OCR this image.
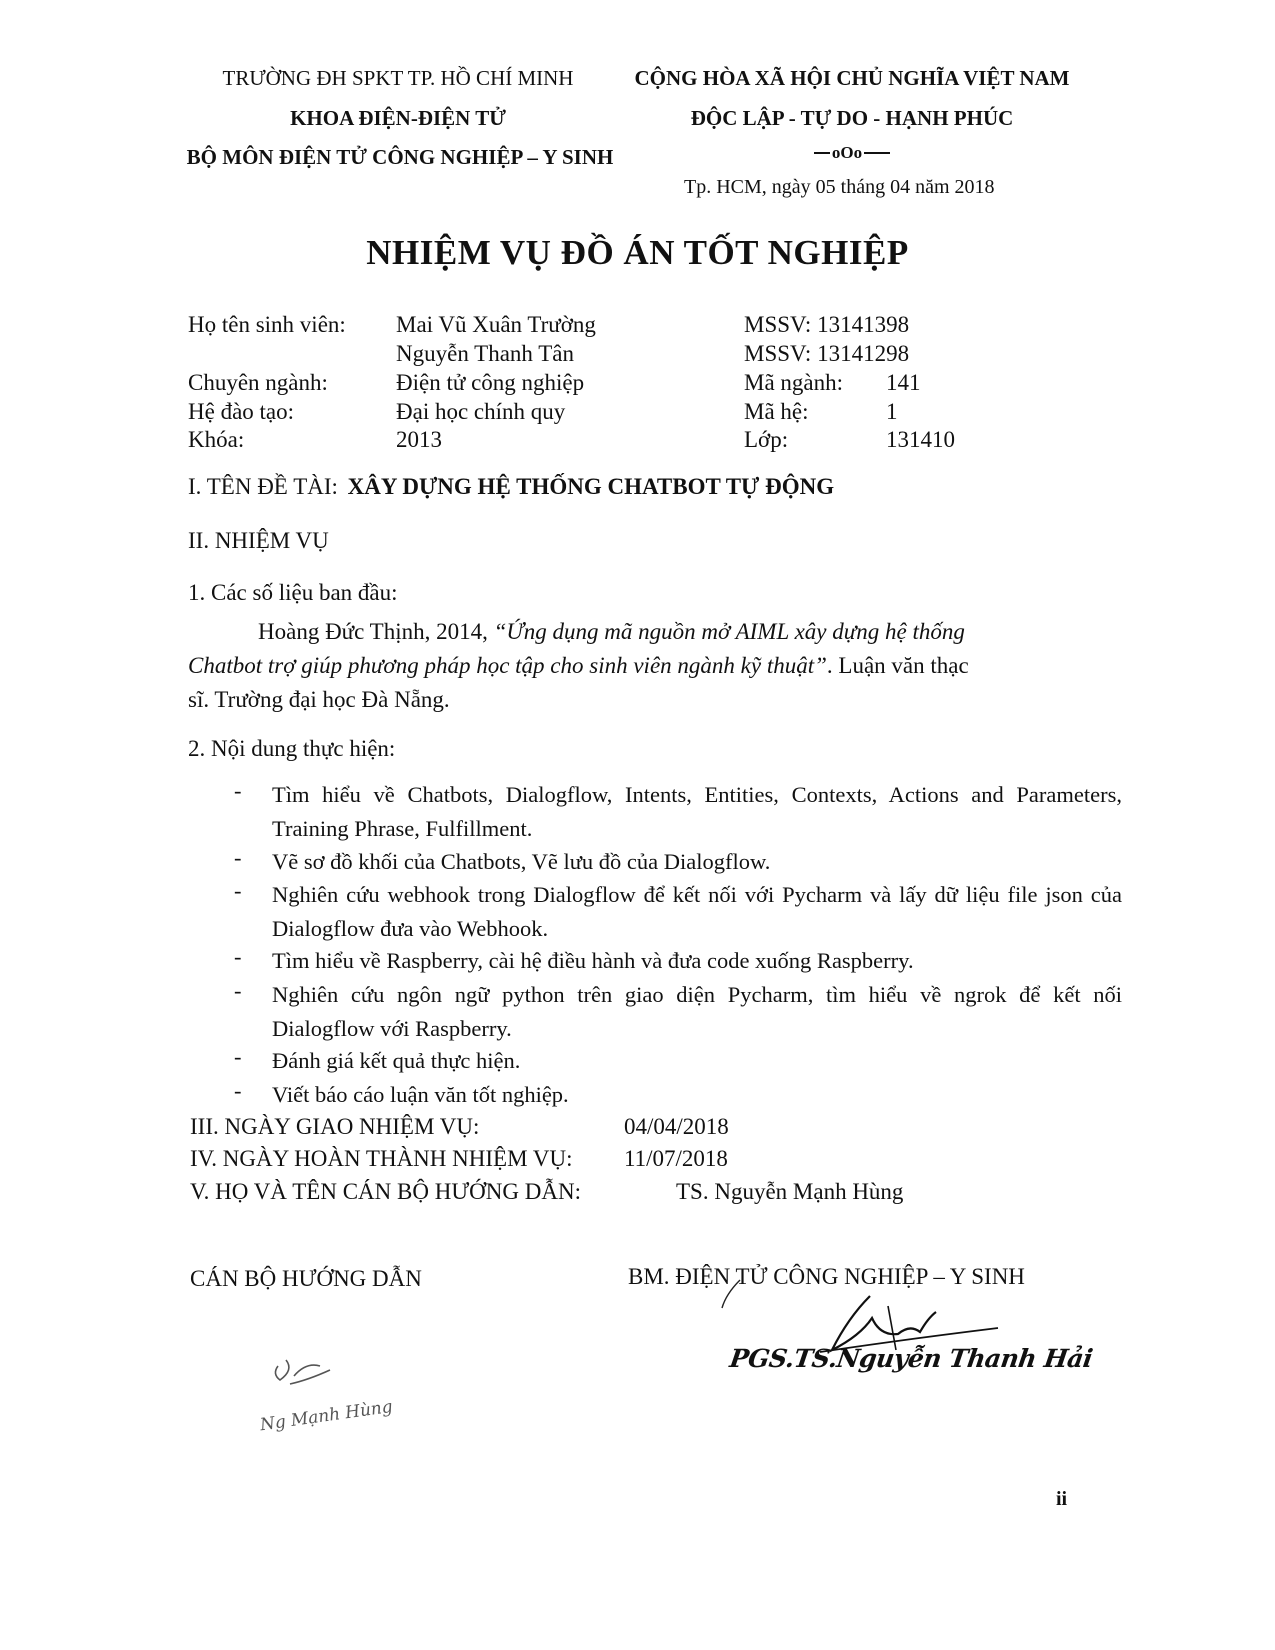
TRƯỜNG ĐH SPKT TP. HỒ CHÍ MINH
KHOA ĐIỆN-ĐIỆN TỬ
BỘ MÔN ĐIỆN TỬ CÔNG NGHIỆP – Y SINH
CỘNG HÒA XÃ HỘI CHỦ NGHĨA VIỆT NAM
ĐỘC LẬP - TỰ DO - HẠNH PHÚC
oOo
Tp. HCM, ngày 05 tháng 04 năm 2018
NHIỆM VỤ ĐỒ ÁN TỐT NGHIỆP
Họ tên sinh viên: Mai Vũ Xuân Trường	MSSV: 13141398
Nguyễn Thanh Tân	MSSV: 13141298
Chuyên ngành:	Điện tử công nghiệp	Mã ngành: 141
Hệ đào tạo:	Đại học chính quy	Mã hệ:	1
Khóa:	2013	Lớp:	131410
I. TÊN ĐỀ TÀI: XÂY DỰNG HỆ THỐNG CHATBOT TỰ ĐỘNG
II. NHIỆM VỤ
1. Các số liệu ban đầu:
Hoàng Đức Thịnh, 2014, “Ứng dụng mã nguồn mở AIML xây dựng hệ thống
Chatbot trợ giúp phương pháp học tập cho sinh viên ngành kỹ thuật”. Luận văn thạc
sĩ. Trường đại học Đà Nẵng.
2. Nội dung thực hiện:
- Tìm hiểu về Chatbots, Dialogflow, Intents, Entities, Contexts, Actions and Parameters, Training Phrase, Fulfillment.
- Vẽ sơ đồ khối của Chatbots, Vẽ lưu đồ của Dialogflow.
- Nghiên cứu webhook trong Dialogflow để kết nối với Pycharm và lấy dữ liệu file json của Dialogflow đưa vào Webhook.
- Tìm hiểu về Raspberry, cài hệ điều hành và đưa code xuống Raspberry.
- Nghiên cứu ngôn ngữ python trên giao diện Pycharm, tìm hiểu về ngrok để kết nối Dialogflow với Raspberry.
- Đánh giá kết quả thực hiện.
- Viết báo cáo luận văn tốt nghiệp.
III. NGÀY GIAO NHIỆM VỤ:	04/04/2018
IV. NGÀY HOÀN THÀNH NHIỆM VỤ: 11/07/2018
V. HỌ VÀ TÊN CÁN BỘ HƯỚNG DẪN:	TS. Nguyễn Mạnh Hùng
CÁN BỘ HƯỚNG DẪN	BM. ĐIỆN TỬ CÔNG NGHIỆP – Y SINH
Ng Mạnh Hùng
PGS.TS.Nguyễn Thanh Hải
ii
